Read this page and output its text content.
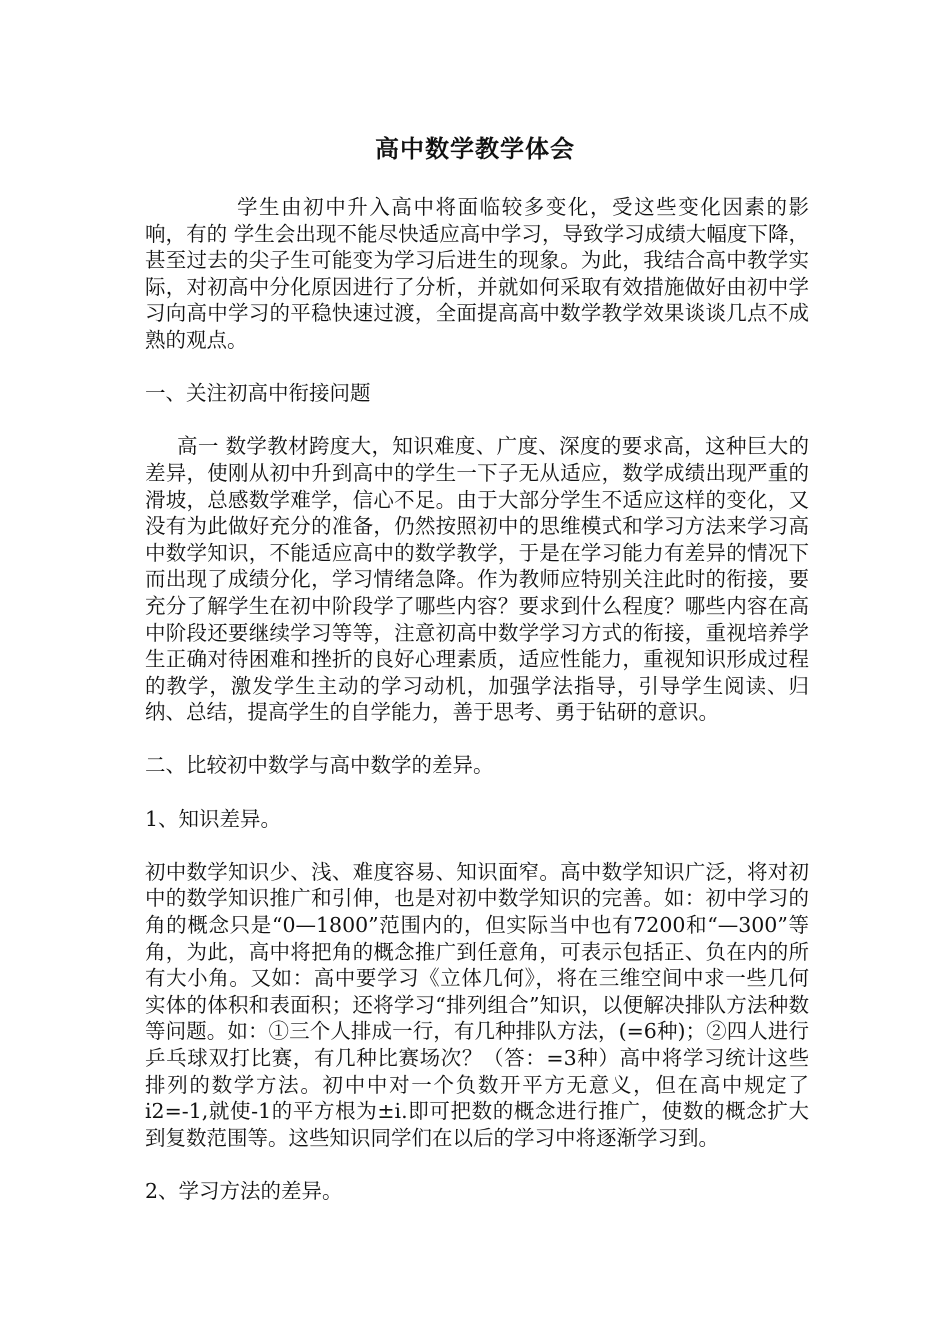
高中数学教学体会

学生由初中升入高中将面临较多变化，受这些变化因素的影响，有的 学生会出现不能尽快适应高中学习，导致学习成绩大幅度下降，甚至过去的尖子生可能变为学习后进生的现象。为此，我结合高中教学实际，对初高中分化原因进行了分析，并就如何采取有效措施做好由初中学习向高中学习的平稳快速过渡，全面提高高中数学教学效果谈谈几点不成熟的观点。

一、关注初高中衔接问题

高一 数学教材跨度大，知识难度、广度、深度的要求高，这种巨大的差异，使刚从初中升到高中的学生一下子无从适应，数学成绩出现严重的滑坡，总感数学难学，信心不足。由于大部分学生不适应这样的变化，又没有为此做好充分的准备，仍然按照初中的思维模式和学习方法来学习高中数学知识，不能适应高中的数学教学，于是在学习能力有差异的情况下而出现了成绩分化，学习情绪急降。作为教师应特别关注此时的衔接，要充分了解学生在初中阶段学了哪些内容？要求到什么程度？哪些内容在高中阶段还要继续学习等等，注意初高中数学学习方式的衔接，重视培养学生正确对待困难和挫折的良好心理素质，适应性能力，重视知识形成过程的教学，激发学生主动的学习动机，加强学法指导，引导学生阅读、归纳、总结，提高学生的自学能力，善于思考、勇于钻研的意识。

二、比较初中数学与高中数学的差异。

1、知识差异。

初中数学知识少、浅、难度容易、知识面窄。高中数学知识广泛，将对初中的数学知识推广和引伸，也是对初中数学知识的完善。如：初中学习的角的概念只是“0—1800”范围内的，但实际当中也有7200和“—300”等角，为此，高中将把角的概念推广到任意角，可表示包括正、负在内的所有大小角。又如：高中要学习《立体几何》，将在三维空间中求一些几何实体的体积和表面积；还将学习“排列组合”知识，以便解决排队方法种数等问题。如：①三个人排成一行，有几种排队方法，(=6种)；②四人进行乒乓球双打比赛，有几种比赛场次？（答：=3种）高中将学习统计这些排列的数学方法。初中中对一个负数开平方无意义，但在高中规定了i2=-1,就使-1的平方根为±i.即可把数的概念进行推广，使数的概念扩大到复数范围等。这些知识同学们在以后的学习中将逐渐学习到。

2、学习方法的差异。
